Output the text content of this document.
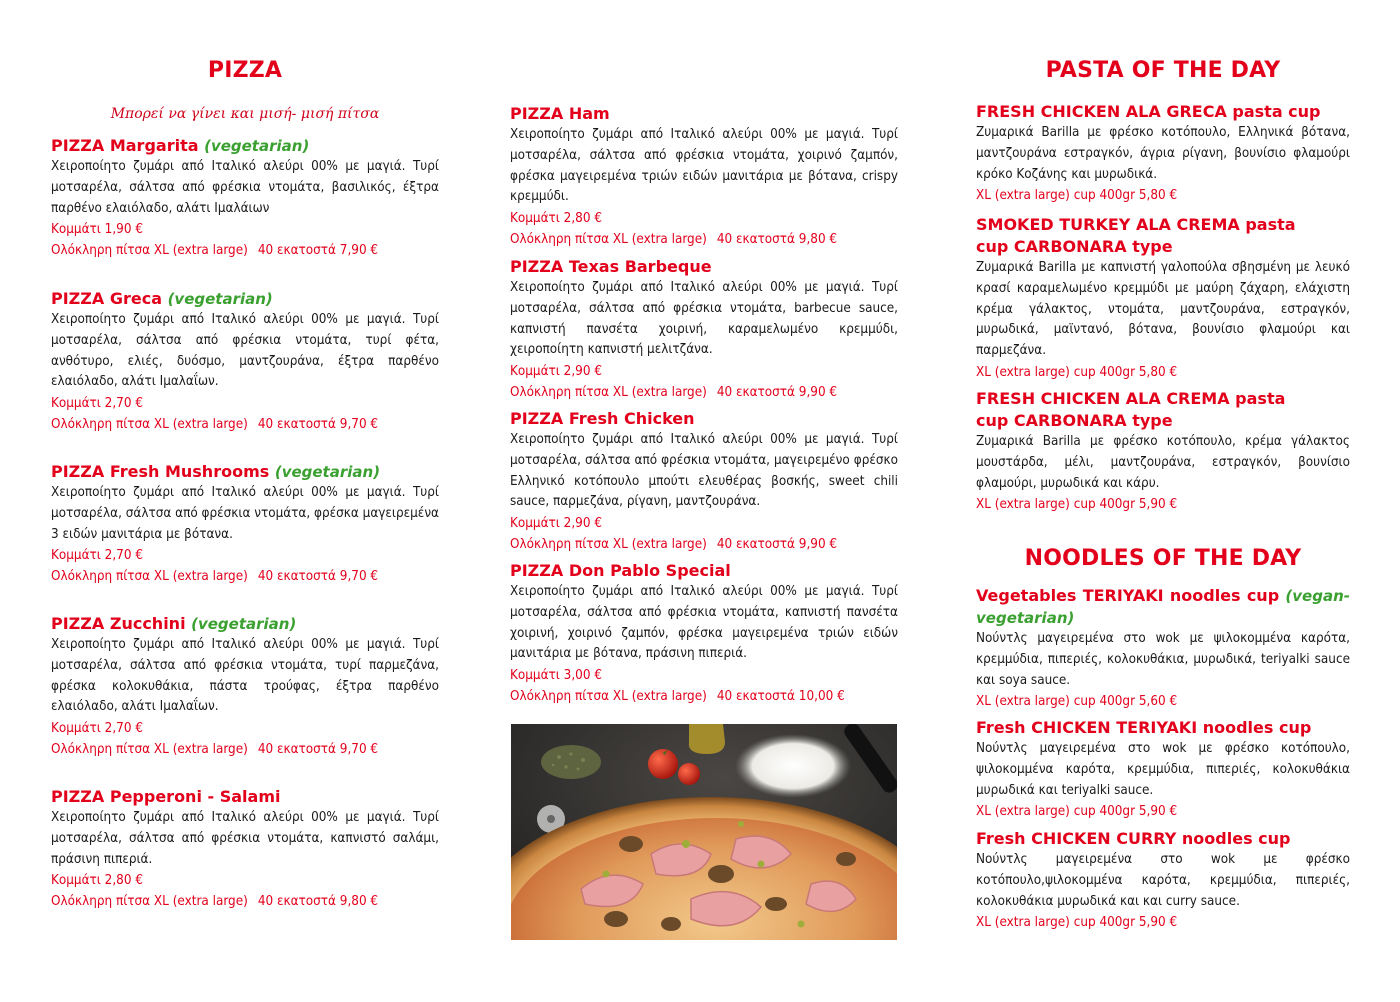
PIZZA

Μπορεί να γίνει και μισή- μισή πίτσα

PIZZA Margarita (vegetarian)
Χειροποίητο ζυμάρι από Ιταλικό αλεύρι 00% με μαγιά. Τυρί μοτσαρέλα, σάλτσα από φρέσκια ντομάτα, βασιλικός, έξτρα παρθένο ελαιόλαδο, αλάτι Ιμαλάιων
Κομμάτι 1,90 €
Ολόκληρη πίτσα XL (extra large) 40 εκατοστά 7,90 €
PIZZA Greca (vegetarian)
Χειροποίητο ζυμάρι από Ιταλικό αλεύρι 00% με μαγιά. Τυρί μοτσαρέλα, σάλτσα από φρέσκια ντομάτα, τυρί φέτα, ανθότυρο, ελιές, δυόσμο, μαντζουράνα, έξτρα παρθένο ελαιόλαδο, αλάτι Ιμαλαΐων.
Κομμάτι 2,70 €
Ολόκληρη πίτσα XL (extra large) 40 εκατοστά 9,70 €
PIZZA Fresh Mushrooms (vegetarian)
Χειροποίητο ζυμάρι από Ιταλικό αλεύρι 00% με μαγιά. Τυρί μοτσαρέλα, σάλτσα από φρέσκια ντομάτα, φρέσκα μαγειρεμένα 3 ειδών μανιτάρια με βότανα.
Κομμάτι 2,70 €
Ολόκληρη πίτσα XL (extra large) 40 εκατοστά 9,70 €
PIZZA Zucchini (vegetarian)
Χειροποίητο ζυμάρι από Ιταλικό αλεύρι 00% με μαγιά. Τυρί μοτσαρέλα, σάλτσα από φρέσκια ντομάτα, τυρί παρμεζάνα, φρέσκα κολοκυθάκια, πάστα τρούφας, έξτρα παρθένο ελαιόλαδο, αλάτι Ιμαλαΐων.
Κομμάτι 2,70 €
Ολόκληρη πίτσα XL (extra large) 40 εκατοστά 9,70 €
PIZZA Pepperoni - Salami
Χειροποίητο ζυμάρι από Ιταλικό αλεύρι 00% με μαγιά. Τυρί μοτσαρέλα, σάλτσα από φρέσκια ντομάτα, καπνιστό σαλάμι, πράσινη πιπεριά.
Κομμάτι 2,80 €
Ολόκληρη πίτσα XL (extra large) 40 εκατοστά 9,80 €
PIZZA Ham
Χειροποίητο ζυμάρι από Ιταλικό αλεύρι 00% με μαγιά. Τυρί μοτσαρέλα, σάλτσα από φρέσκια ντομάτα, χοιρινό ζαμπόν, φρέσκα μαγειρεμένα τριών ειδών μανιτάρια με βότανα, crispy κρεμμύδι.
Κομμάτι 2,80 €
Ολόκληρη πίτσα XL (extra large) 40 εκατοστά 9,80 €
PIZZA Texas Barbeque
Χειροποίητο ζυμάρι από Ιταλικό αλεύρι 00% με μαγιά. Τυρί μοτσαρέλα, σάλτσα από φρέσκια ντομάτα, barbecue sauce, καπνιστή πανσέτα χοιρινή, καραμελωμένο κρεμμύδι, χειροποίητη καπνιστή μελιτζάνα.
Κομμάτι 2,90 €
Ολόκληρη πίτσα XL (extra large) 40 εκατοστά 9,90 €
PIZZA Fresh Chicken
Χειροποίητο ζυμάρι από Ιταλικό αλεύρι 00% με μαγιά. Τυρί μοτσαρέλα, σάλτσα από φρέσκια ντομάτα, μαγειρεμένο φρέσκο Ελληνικό κοτόπουλο μπούτι ελευθέρας βοσκής, sweet chili sauce, παρμεζάνα, ρίγανη, μαντζουράνα.
Κομμάτι 2,90 €
Ολόκληρη πίτσα XL (extra large) 40 εκατοστά 9,90 €
PIZZA Don Pablo Special
Χειροποίητο ζυμάρι από Ιταλικό αλεύρι 00% με μαγιά. Τυρί μοτσαρέλα, σάλτσα από φρέσκια ντομάτα, καπνιστή πανσέτα χοιρινή, χοιρινό ζαμπόν, φρέσκα μαγειρεμένα τριών ειδών μανιτάρια με βότανα, πράσινη πιπεριά.
Κομμάτι 3,00 €
Ολόκληρη πίτσα XL (extra large) 40 εκατοστά 10,00 €
PASTA OF THE DAY
FRESH CHICKEN ALA GRECA pasta cup
Ζυμαρικά Barilla με φρέσκο κοτόπουλο, Ελληνικά βότανα, μαντζουράνα εστραγκόν, άγρια ρίγανη, βουνίσιο φλαμούρι κρόκο Κοζάνης και μυρωδικά.
XL (extra large) cup 400gr 5,80 €
SMOKED TURKEY ALA CREMA pasta cup CARBONARA type
Ζυμαρικά Barilla με καπνιστή γαλοπούλα σβησμένη με λευκό κρασί καραμελωμένο κρεμμύδι με μαύρη ζάχαρη, ελάχιστη κρέμα γάλακτος, ντομάτα, μαντζουράνα, εστραγκόν, μυρωδικά, μαϊντανό, βότανα, βουνίσιο φλαμούρι και παρμεζάνα.
XL (extra large) cup 400gr 5,80 €
FRESH CHICKEN ALA CREMA pasta cup CARBONARA type
Ζυμαρικά Barilla με φρέσκο κοτόπουλο, κρέμα γάλακτος μουστάρδα, μέλι, μαντζουράνα, εστραγκόν, βουνίσιο φλαμούρι, μυρωδικά και κάρυ.
XL (extra large) cup 400gr 5,90 €
NOODLES OF THE DAY
Vegetables TERIYAKI noodles cup (vegan-vegetarian)
Νούντλς μαγειρεμένα στο wok με ψιλοκομμένα καρότα, κρεμμύδια, πιπεριές, κολοκυθάκια, μυρωδικά, teriyalki sauce και soya sauce.
XL (extra large) cup 400gr 5,60 €
Fresh CHICKEN TERIYAKI noodles cup
Νούντλς μαγειρεμένα στο wok με φρέσκο κοτόπουλο, ψιλοκομμένα καρότα, κρεμμύδια, πιπεριές, κολοκυθάκια μυρωδικά και teriyalki sauce.
XL (extra large) cup 400gr 5,90 €
Fresh CHICKEN CURRY noodles cup
Νούντλς μαγειρεμένα στο wok με φρέσκο κοτόπουλο,ψιλοκομμένα καρότα, κρεμμύδια, πιπεριές, κολοκυθάκια μυρωδικά και και curry sauce.
XL (extra large) cup 400gr 5,90 €
